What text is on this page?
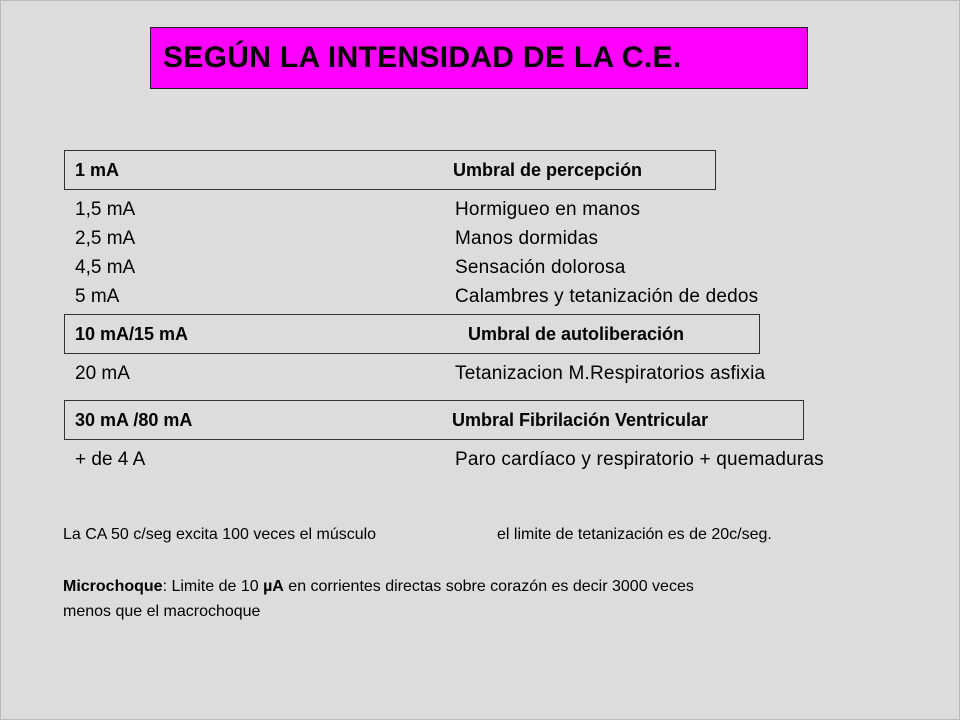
SEGÚN LA INTENSIDAD DE LA C.E.
1 mA	Umbral de percepción
1,5 mA	Hormigueo en manos
2,5 mA	Manos dormidas
4,5 mA	Sensación dolorosa
5 mA	Calambres y tetanización de dedos
10 mA/15 mA	Umbral de autoliberación
20 mA	Tetanizacion M.Respiratorios asfixia
30 mA /80 mA	Umbral Fibrilación Ventricular
+ de 4 A	Paro cardíaco y respiratorio + quemaduras
La CA 50 c/seg excita 100 veces el músculo	el limite de tetanización es de 20c/seg.
Microchoque: Limite de 10 µA en corrientes directas sobre corazón es decir 3000 veces
menos que el macrochoque
